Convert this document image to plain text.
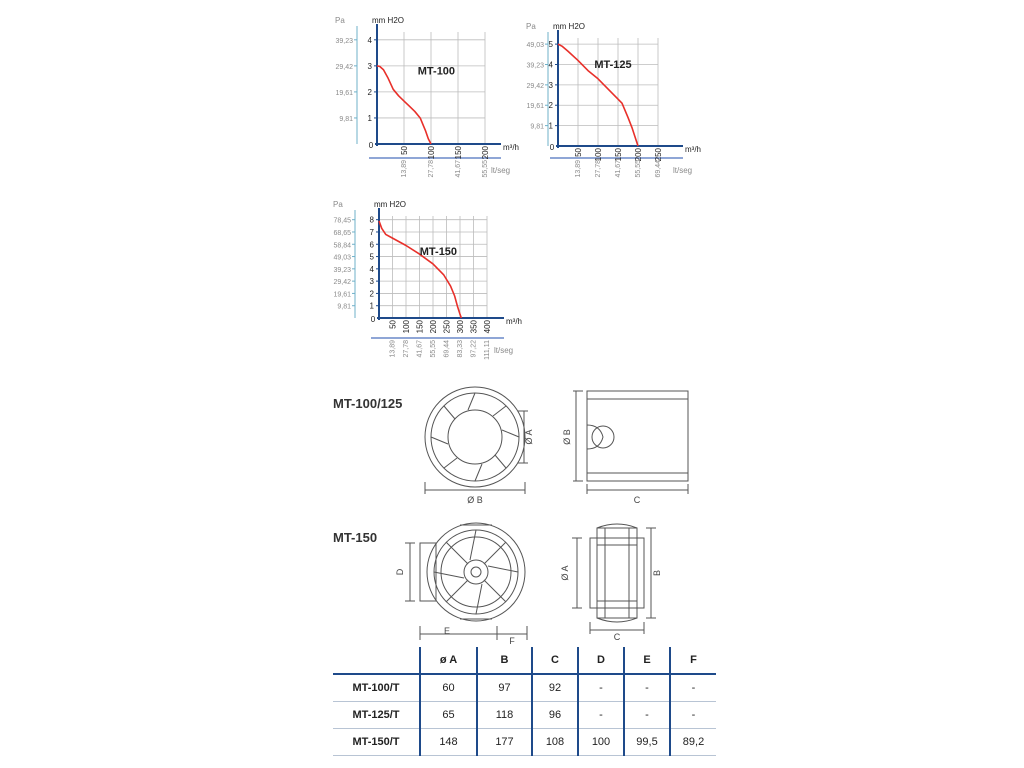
1
2
3
4
9,81
19,61
29,42
39,23
0
50 100 150 200
13,89	27,78	41,67	55,55
mm H2O
Pa
m³/h
lt/seg
MT-100
1
2
3
4
5
9,81
19,61
29,42
39,23
49,03
0
50 100 150 200 250
13,89 27,78 41,67 55,55 69,44
mm H2O
Pa
m³/h
lt/seg
MT-125
1
2
3
4
5
6
7
8
9,81
19,61
29,42
39,23
49,03
58,84
68,65
78,45
0
50 100 150 200 250 300 350 400
13,89 27,78 41,67 55,55 69,44 83,33 97,22 111,11
mm H2O
Pa
m³/h
lt/seg
MT-150
MT-100/125
MT-150
Ø A
Ø B
Ø B
C
D
E
F
Ø A	B
C
	ø A	B	C	D	E	F
MT-100/T	60	97	92	-	-	-
MT-125/T	65	118	96	-	-	-
MT-150/T	148	177	108	100	99,5	89,2
